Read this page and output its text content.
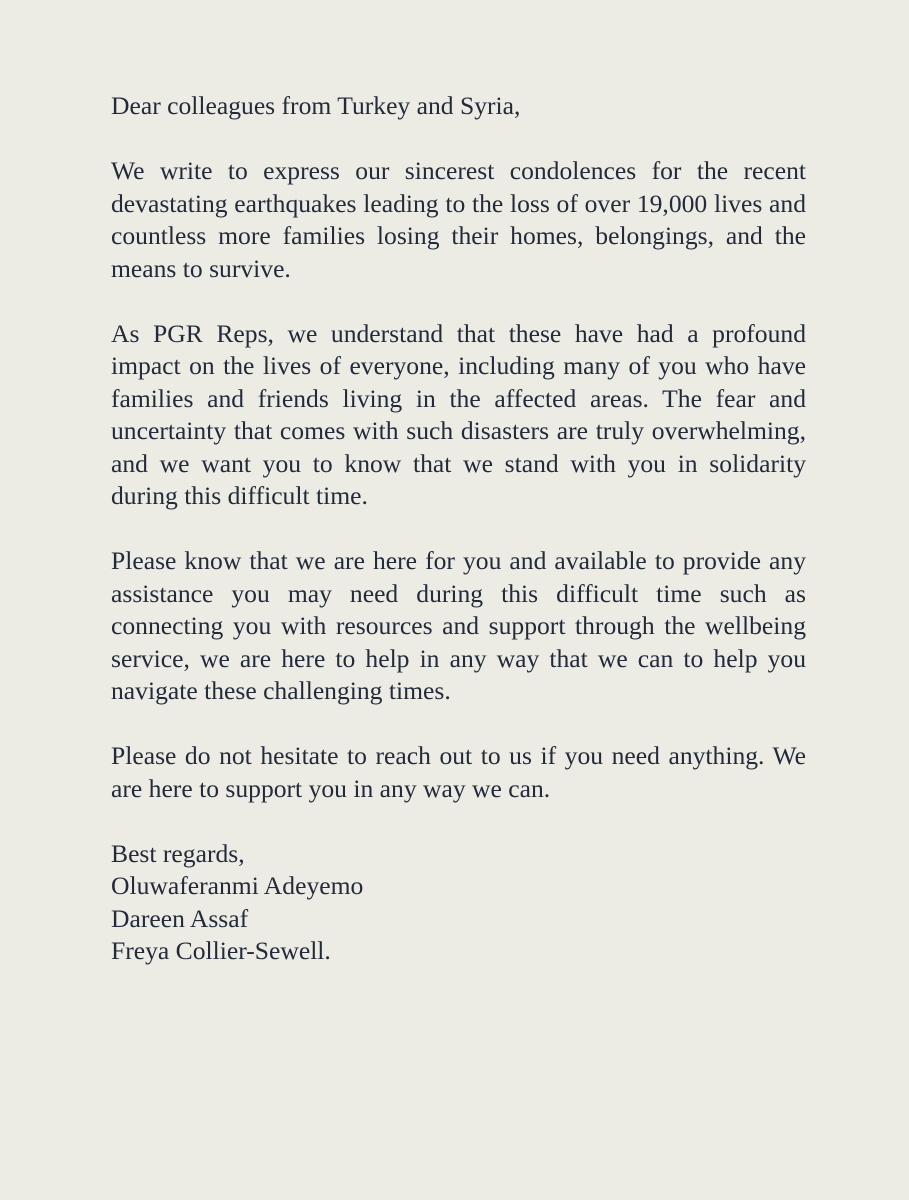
Dear colleagues from Turkey and Syria,

We write to express our sincerest condolences for the recent devastating earthquakes leading to the loss of over 19,000 lives and countless more families losing their homes, belongings, and the means to survive.

As PGR Reps, we understand that these have had a profound impact on the lives of everyone, including many of you who have families and friends living in the affected areas. The fear and uncertainty that comes with such disasters are truly overwhelming, and we want you to know that we stand with you in solidarity during this difficult time.

Please know that we are here for you and available to provide any assistance you may need during this difficult time such as connecting you with resources and support through the wellbeing service, we are here to help in any way that we can to help you navigate these challenging times.

Please do not hesitate to reach out to us if you need anything. We are here to support you in any way we can.

Best regards,
Oluwaferanmi Adeyemo
Dareen Assaf
Freya Collier-Sewell.
